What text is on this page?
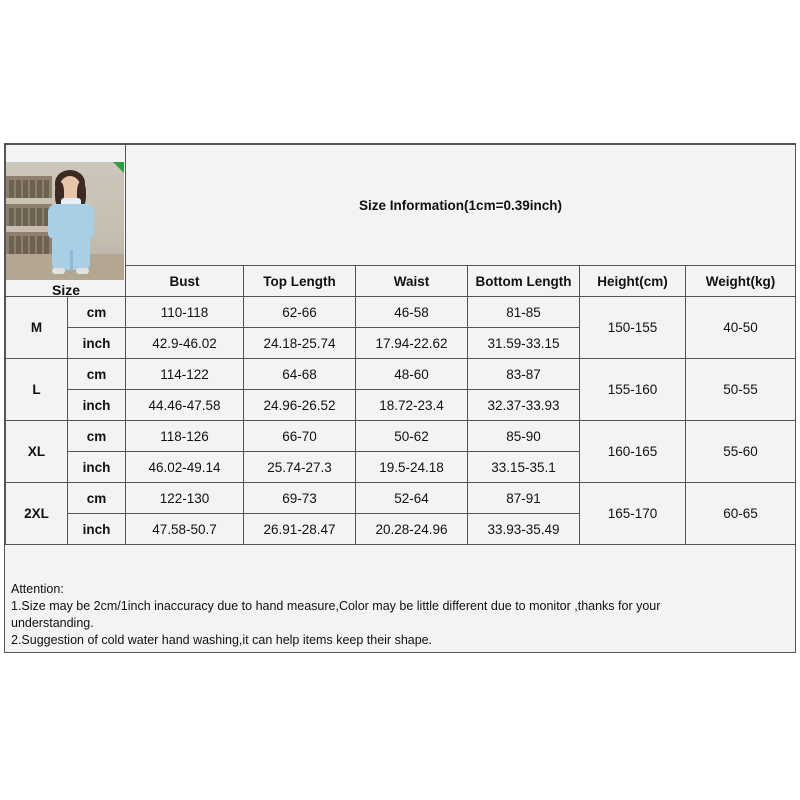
		Size Information(1cm=0.39inch)					
		Bust	Top Length	Waist	Bottom Length	Height(cm)	Weight(kg)
M	cm	110-118	62-66	46-58	81-85	150-155	40-50
	inch	42.9-46.02	24.18-25.74	17.94-22.62	31.59-33.15		
L	cm	114-122	64-68	48-60	83-87	155-160	50-55
	inch	44.46-47.58	24.96-26.52	18.72-23.4	32.37-33.93		
XL	cm	118-126	66-70	50-62	85-90	160-165	55-60
	inch	46.02-49.14	25.74-27.3	19.5-24.18	33.15-35.1		
2XL	cm	122-130	69-73	52-64	87-91	165-170	60-65
	inch	47.58-50.7	26.91-28.47	20.28-24.96	33.93-35.49		
Size
Attention:
1.Size may be 2cm/1inch inaccuracy due to hand measure,Color may be little different due to monitor ,thanks for your
understanding.
2.Suggestion of cold water hand washing,it can help items keep their shape.
